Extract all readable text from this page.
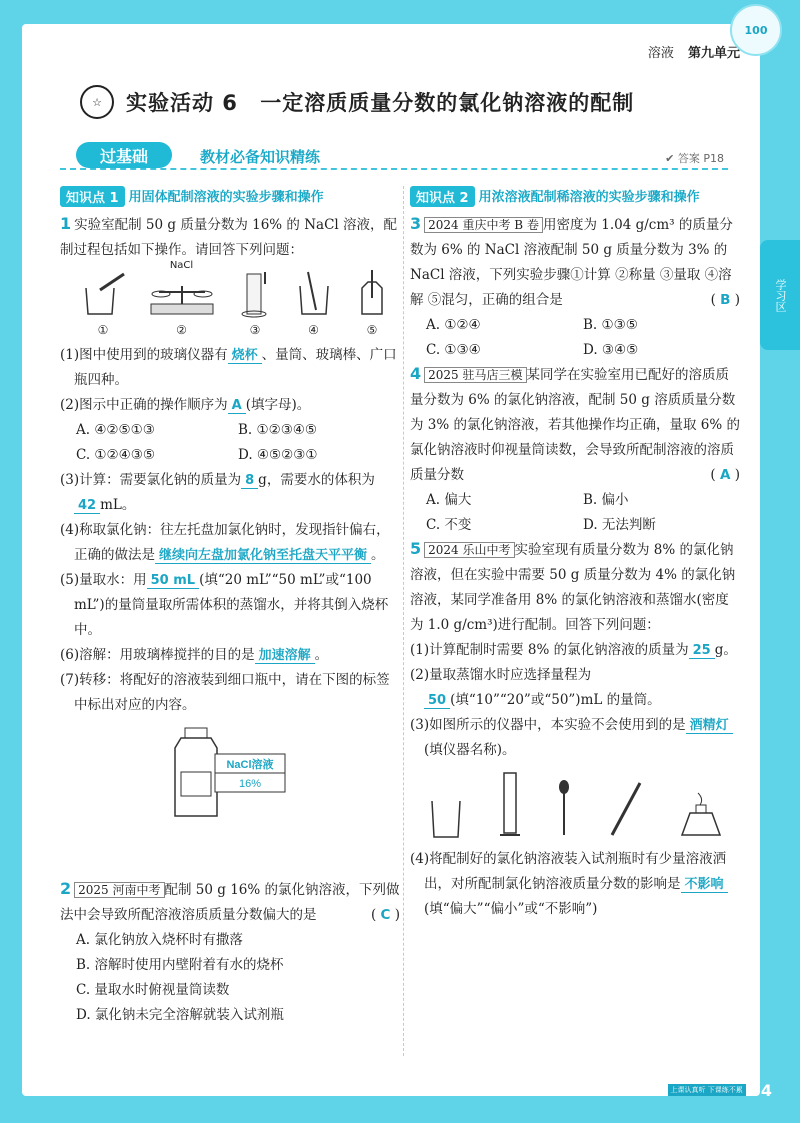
溶液 第九单元
100
学习区
☆	实验活动 6 一定溶质质量分数的氯化钠溶液的配制
过基础	教材必备知识精练	✔ 答案 P18
知识点 1 用固体配制溶液的实验步骤和操作
1 实验室配制 50 g 质量分数为 16% 的 NaCl 溶液，配制过程包括如下操作。请回答下列问题：
①
NaCl
②	③	④	⑤
(1)图中使用到的玻璃仪器有 烧杯 、量筒、玻璃棒、广口瓶四种。
(2)图示中正确的操作顺序为 A (填字母)。
A. ④②⑤①③	B. ①②③④⑤
C. ①②④③⑤	D. ④⑤②③①
(3)计算：需要氯化钠的质量为 8 g，需要水的体积为42 mL。
(4)称取氯化钠：往左托盘加氯化钠时，发现指针偏右，正确的做法是 继续向左盘加氯化钠至托盘天平平衡 。
(5)量取水：用 50 mL (填“20 mL”“50 mL”或“100 mL”)的量筒量取所需体积的蒸馏水，并将其倒入烧杯中。
(6)溶解：用玻璃棒搅拌的目的是 加速溶解 。
(7)转移：将配好的溶液装到细口瓶中，请在下图的标签中标出对应的内容。
NaCl溶液
16%
2 2025 河南中考 配制 50 g 16% 的氯化钠溶液，下列做法中会导致所配溶液溶质质量分数偏大的是	( C )
A. 氯化钠放入烧杯时有撒落
B. 溶解时使用内壁附着有水的烧杯
C. 量取水时俯视量筒读数
D. 氯化钠未完全溶解就装入试剂瓶
知识点 2 用浓溶液配制稀溶液的实验步骤和操作
3 2024 重庆中考 B 卷 用密度为 1.04 g/cm³ 的质量分数为 6% 的 NaCl 溶液配制 50 g 质量分数为 3% 的 NaCl 溶液，下列实验步骤①计算 ②称量 ③量取 ④溶解 ⑤混匀，正确的组合是	( B )
A. ①②④	B. ①③⑤
C. ①③④	D. ③④⑤
4 2025 驻马店三模 某同学在实验室用已配好的溶质质量分数为 6% 的氯化钠溶液，配制 50 g 溶质质量分数为 3% 的氯化钠溶液，若其他操作均正确，量取 6% 的氯化钠溶液时仰视量筒读数，会导致所配制溶液的溶质质量分数	( A )
A. 偏大	B. 偏小
C. 不变	D. 无法判断
5 2024 乐山中考 实验室现有质量分数为 8% 的氯化钠溶液，但在实验中需要 50 g 质量分数为 4% 的氯化钠溶液，某同学准备用 8% 的氯化钠溶液和蒸馏水(密度为 1.0 g/cm³)进行配制。回答下列问题：
(1)计算配制时需要 8% 的氯化钠溶液的质量为 25 g。
(2)量取蒸馏水时应选择量程为50 (填“10”“20”或“50”)mL 的量筒。
(3)如图所示的仪器中，本实验不会使用到的是 酒精灯(填仪器名称)。
(4)将配制好的氯化钠溶液装入试剂瓶时有少量溶液洒出，对所配制氯化钠溶液质量分数的影响是 不影响(填“偏大”“偏小”或“不影响”)
上课认真听 下课练不累 34
